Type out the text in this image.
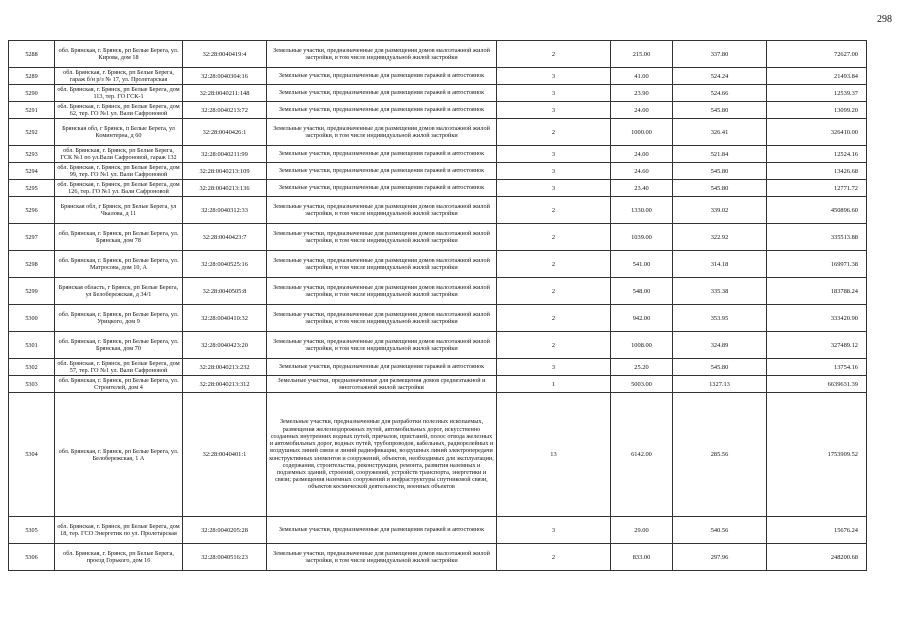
298
5288	обл. Брянская, г. Брянск, рп Белые Берега, ул. Кирова, дом 18	32:28:0040419:4	Земельные участки, предназначенные для размещения домов малоэтажной жилой застройки, в том числе индивидуальной жилой застройки	2	215.00	337.80	72627.00
5289	обл. Брянская, г. Брянск, рп Белые Берега, гараж б/н р/з № 17, ул. Пролетарская	32:28:0040304:16	Земельные участки, предназначенные для размещения гаражей и автостоянок	3	41.00	524.24	21493.84
5290	обл. Брянская, г. Брянск, рп Белые Берега, дом 113, тер. ГО ГСК-1	32:28:0040211:148	Земельные участки, предназначенные для размещения гаражей и автостоянок	3	23.90	524.66	12539.37
5291	обл. Брянская, г. Брянск, рп Белые Берега, дом 62, тер. ГО №1 ул. Вали Сафроновой	32:28:0040213:72	Земельные участки, предназначенные для размещения гаражей и автостоянок	3	24.00	545.80	13099.20
5292	Брянская обл, г Брянск, п Белые Берега, ул Коминтерна, д 60	32:28:0040426:1	Земельные участки, предназначенные для размещения домов малоэтажной жилой застройки, в том числе индивидуальной жилой застройки	2	1000.00	326.41	326410.00
5293	обл. Брянская, г. Брянск, рп Белые Берега, ГСК №1 по ул.Вали Сафроновой, гараж 132	32:28:0040211:99	Земельные участки, предназначенные для размещения гаражей и автостоянок	3	24.00	521.84	12524.16
5294	обл. Брянская, г. Брянск, рп Белые Берега, дом 99, тер. ГО №1 ул. Вали Сафроновой	32:28:0040213:109	Земельные участки, предназначенные для размещения гаражей и автостоянок	3	24.60	545.80	13426.68
5295	обл. Брянская, г. Брянск, рп Белые Берега, дом 126, тер. ГО №1 ул. Вали Сафроновой	32:28:0040213:136	Земельные участки, предназначенные для размещения гаражей и автостоянок	3	23.40	545.80	12771.72
5296	Брянская обл, г Брянск, рп Белые Берега, ул Чкалова, д 11	32:28:0040312:33	Земельные участки, предназначенные для размещения домов малоэтажной жилой застройки, в том числе индивидуальной жилой застройки	2	1330.00	339.02	450896.60
5297	обл. Брянская, г. Брянск, рп Белые Берега, ул. Брянская, дом 78	32:28:0040423:7	Земельные участки, предназначенные для размещения домов малоэтажной жилой застройки, в том числе индивидуальной жилой застройки	2	1039.00	322.92	335513.88
5298	обл. Брянская, г. Брянск, рп Белые Берега, ул. Матросова, дом 10, А	32:28:0040525:16	Земельные участки, предназначенные для размещения домов малоэтажной жилой застройки, в том числе индивидуальной жилой застройки	2	541.00	314.18	169971.38
5299	Брянская область, г Брянск, рп Белые Берега, ул Белобережская, д 34/1	32:28:0040505:8	Земельные участки, предназначенные для размещения домов малоэтажной жилой застройки, в том числе индивидуальной жилой застройки	2	548.00	335.38	183788.24
5300	обл. Брянская, г. Брянск, рп Белые Берега, ул. Урицкого, дом 9	32:28:0040410:32	Земельные участки, предназначенные для размещения домов малоэтажной жилой застройки, в том числе индивидуальной жилой застройки	2	942.00	353.95	333420.90
5301	обл. Брянская, г. Брянск, рп Белые Берега, ул. Брянская, дом 70	32:28:0040423:20	Земельные участки, предназначенные для размещения домов малоэтажной жилой застройки, в том числе индивидуальной жилой застройки	2	1008.00	324.89	327489.12
5302	обл. Брянская, г. Брянск, рп Белые Берега, дом 57, тер. ГО №1 ул. Вали Сафроновой	32:28:0040213:232	Земельные участки, предназначенные для размещения гаражей и автостоянок	3	25.20	545.80	13754.16
5303	обл. Брянская, г. Брянск, рп Белые Берега, ул. Строителей, дом 4	32:28:0040213:312	Земельные участки, предназначенные для размещения домов среднеэтажной и многоэтажной жилой застройки	1	5003.00	1327.13	6639631.39
5304	обл. Брянская, г. Брянск, рп Белые Берега, ул. Белобережская, 1 А	32:28:0040401:1	Земельные участки, предназначенные для разработки полезных ископаемых, размещения железнодорожных путей, автомобильных дорог, искусственно созданных внутренних водных путей, причалов, пристаней, полос отвода железных и автомобильных дорог, водных путей, трубопроводов, кабельных, радиорелейных и воздушных линий связи и линий радиофикации, воздушных линий электропередачи конструктивных элементов и сооружений, объектов, необходимых для эксплуатации, содержания, строительства, реконструкции, ремонта, развития наземных и подземных зданий, строений, сооружений, устройств транспорта, энергетики и связи; размещения наземных сооружений и инфраструктуры спутниковой связи, объектов космической деятельности, военных объектов	13	6142.00	285.56	1753909.52
5305	обл. Брянская, г. Брянск, рп Белые Берега, дом 18, тер. ГСО Энергетик по ул. Пролетарская	32:28:0040205:28	Земельные участки, предназначенные для размещения гаражей и автостоянок	3	29.00	540.56	15676.24
5306	обл. Брянская, г. Брянск, рп Белые Берега, проезд Горького, дом 16	32:28:0040516:23	Земельные участки, предназначенные для размещения домов малоэтажной жилой застройки, в том числе индивидуальной жилой застройки	2	833.00	297.96	248200.68
